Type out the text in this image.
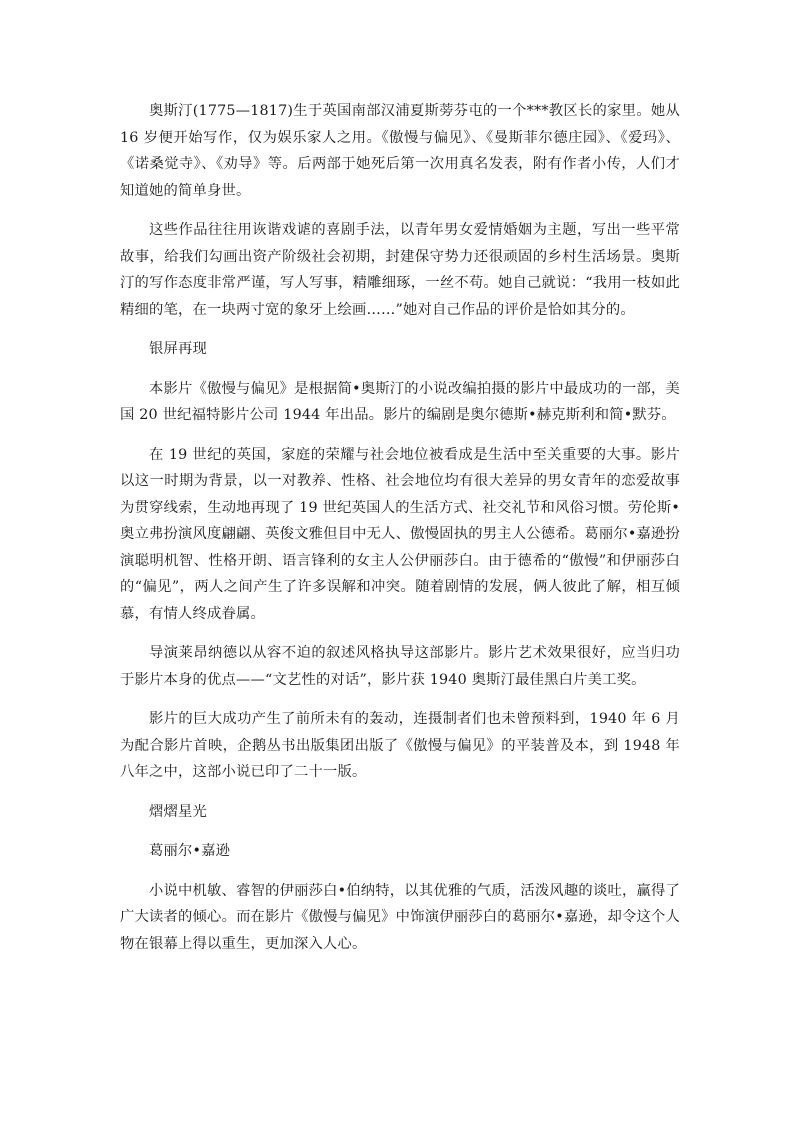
奥斯汀(1775—1817)生于英国南部汉浦夏斯蒡芬屯的一个***教区长的家里。她从 16 岁便开始写作，仅为娱乐家人之用。《傲慢与偏见》、《曼斯菲尔德庄园》、《爱玛》、《诺桑觉寺》、《劝导》等。后两部于她死后第一次用真名发表，附有作者小传，人们才知道她的简单身世。

这些作品往往用诙谐戏谑的喜剧手法，以青年男女爱情婚姻为主题，写出一些平常故事，给我们勾画出资产阶级社会初期，封建保守势力还很顽固的乡村生活场景。奥斯汀的写作态度非常严谨，写人写事，精雕细琢，一丝不苟。她自己就说：“我用一枝如此精细的笔，在一块两寸宽的象牙上绘画……”她对自己作品的评价是恰如其分的。

银屏再现

本影片《傲慢与偏见》是根据简•奥斯汀的小说改编拍摄的影片中最成功的一部，美国 20 世纪福特影片公司 1944 年出品。影片的编剧是奥尔德斯•赫克斯利和简•默芬。

在 19 世纪的英国，家庭的荣耀与社会地位被看成是生活中至关重要的大事。影片以这一时期为背景，以一对教养、性格、社会地位均有很大差异的男女青年的恋爱故事为贯穿线索，生动地再现了 19 世纪英国人的生活方式、社交礼节和风俗习惯。劳伦斯•奥立弗扮演风度翩翩、英俊文雅但目中无人、傲慢固执的男主人公德希。葛丽尔•嘉逊扮演聪明机智、性格开朗、语言锋利的女主人公伊丽莎白。由于德希的“傲慢”和伊丽莎白的“偏见”，两人之间产生了许多误解和冲突。随着剧情的发展，俩人彼此了解，相互倾慕，有情人终成眷属。

导演莱昂纳德以从容不迫的叙述风格执导这部影片。影片艺术效果很好，应当归功于影片本身的优点——“文艺性的对话”，影片获 1940 奥斯汀最佳黑白片美工奖。

影片的巨大成功产生了前所未有的轰动，连摄制者们也未曾预料到，1940 年 6 月为配合影片首映，企鹅丛书出版集团出版了《傲慢与偏见》的平装普及本，到 1948 年八年之中，这部小说已印了二十一版。

熠熠星光

葛丽尔•嘉逊

小说中机敏、睿智的伊丽莎白•伯纳特，以其优雅的气质，活泼风趣的谈吐，赢得了广大读者的倾心。而在影片《傲慢与偏见》中饰演伊丽莎白的葛丽尔•嘉逊，却令这个人物在银幕上得以重生，更加深入人心。
